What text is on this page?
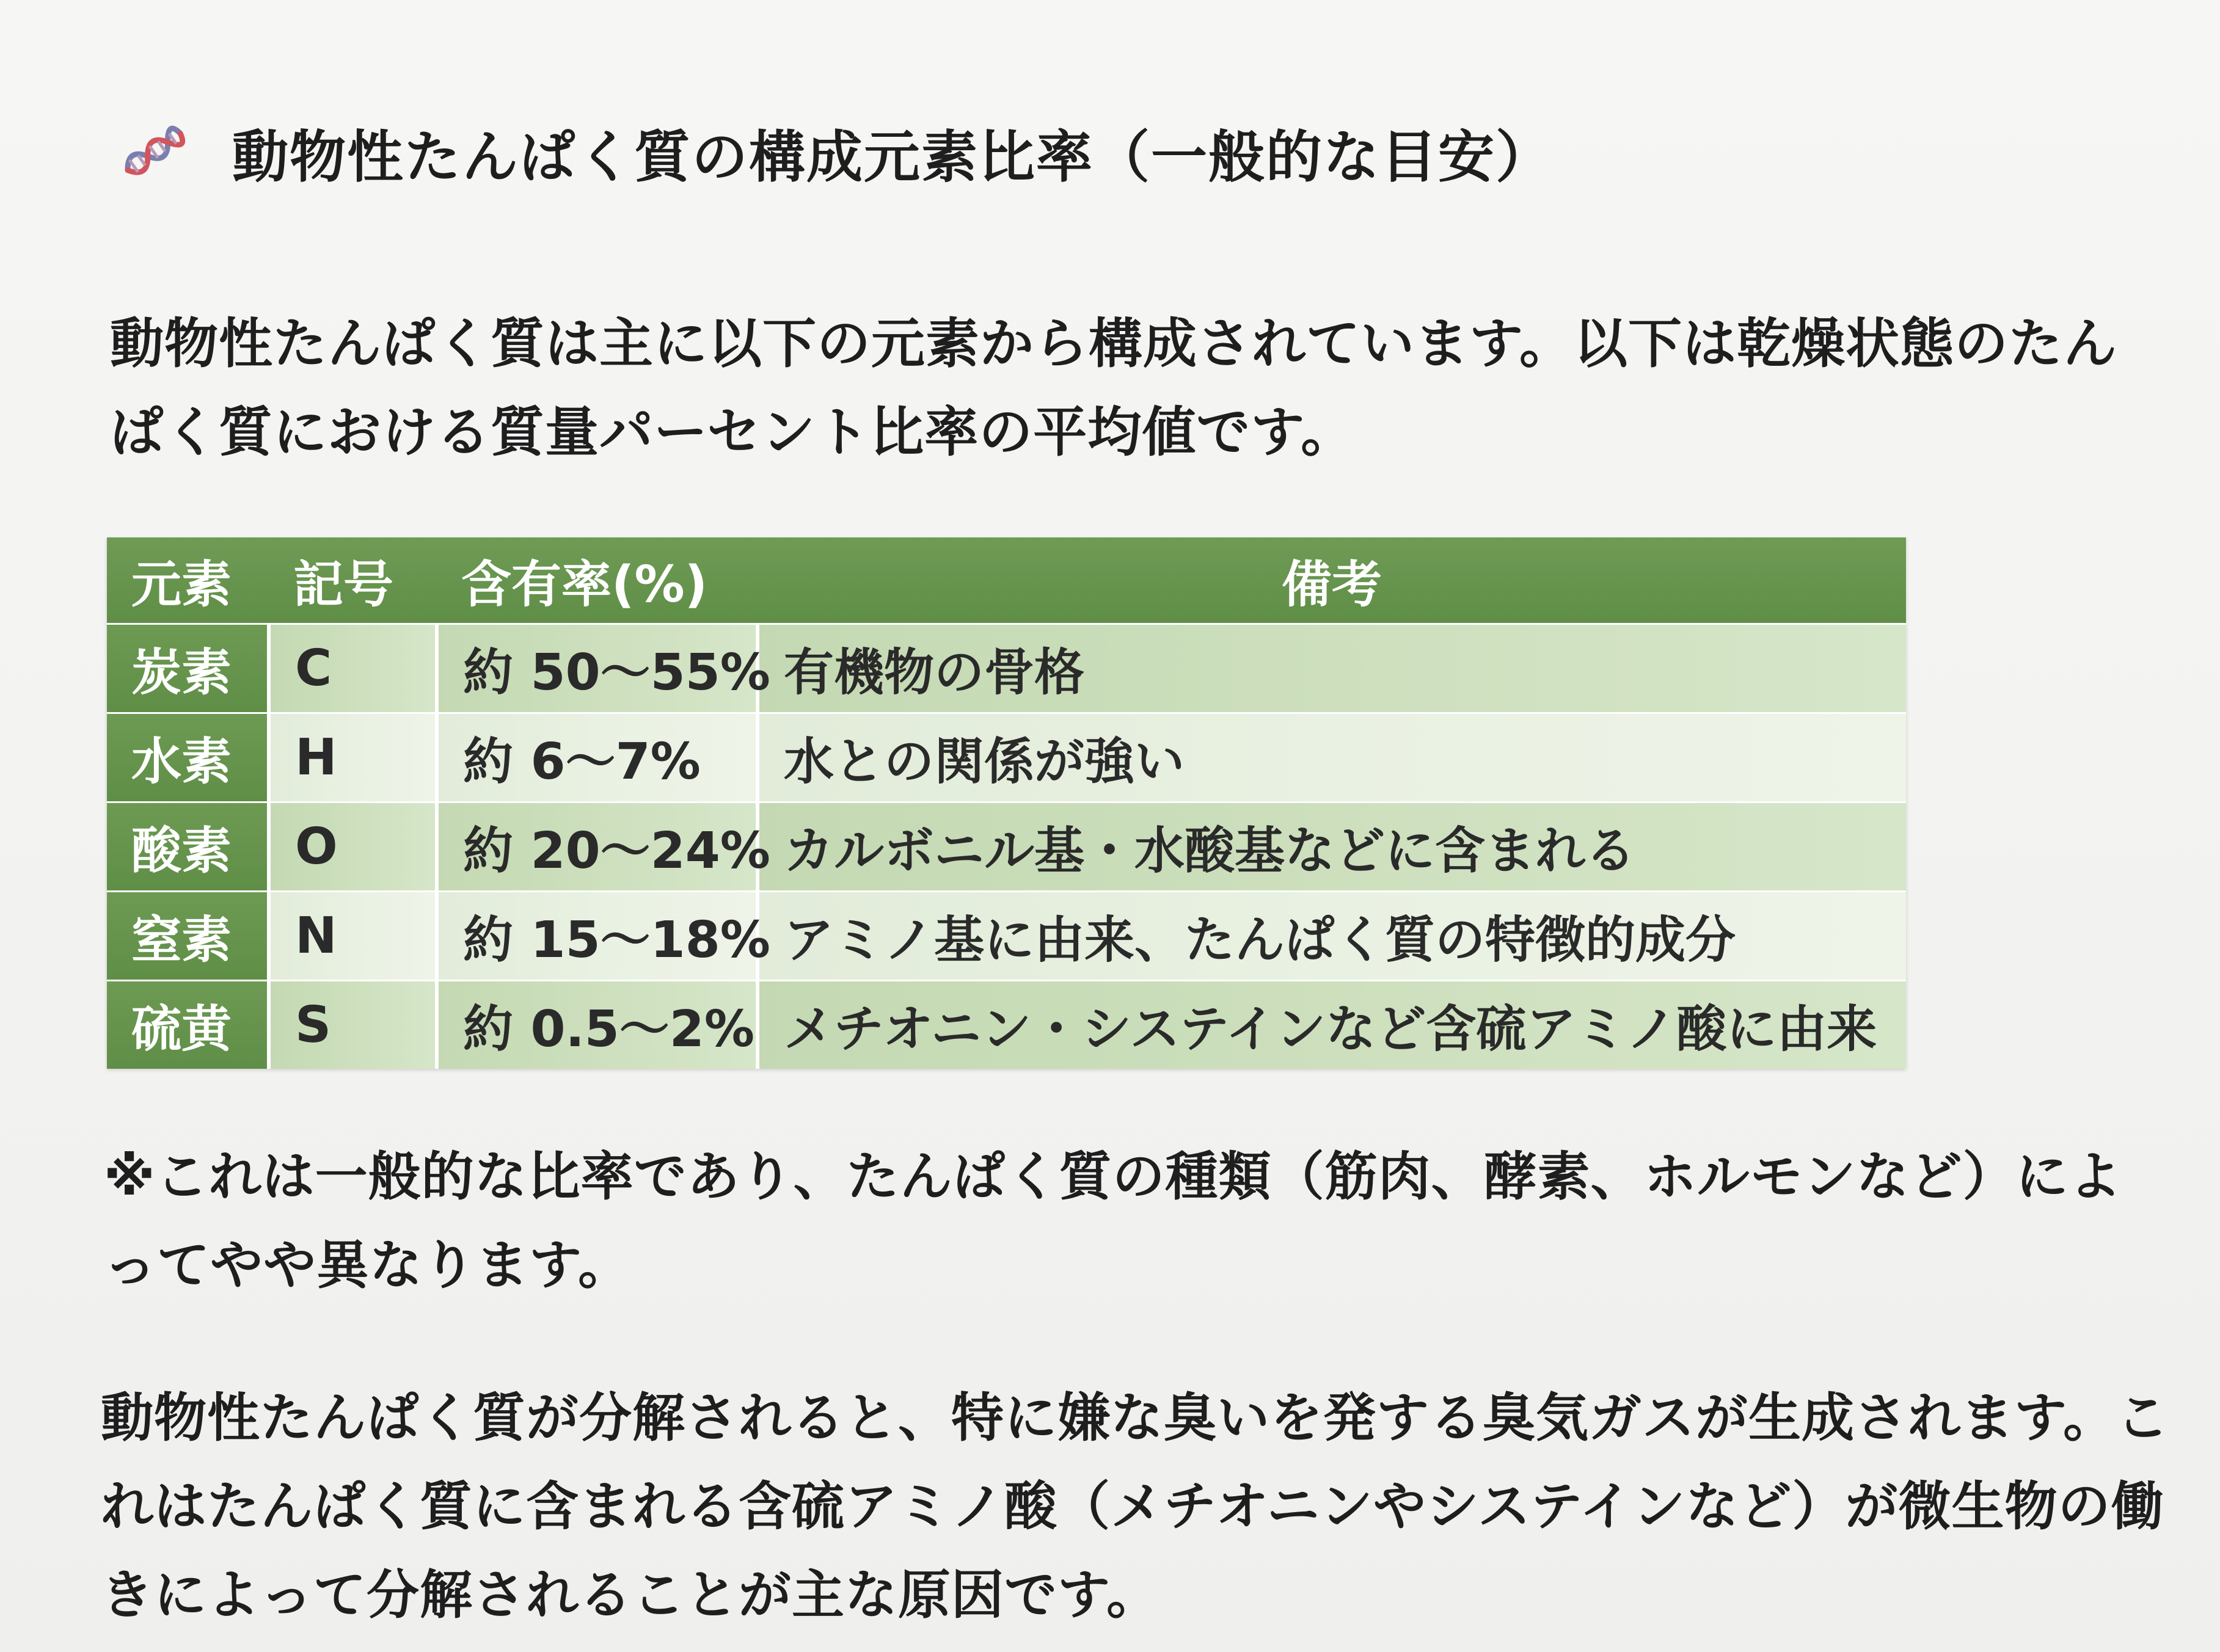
動物性たんぱく質の構成元素比率（一般的な目安）
動物性たんぱく質は主に以下の元素から構成されています。以下は乾燥状態のたんぱく質における質量パーセント比率の平均値です。
元素	記号	含有率(%)	備考
炭素	C	約 50〜55%	有機物の骨格
水素	H	約 6〜7%	水との関係が強い
酸素	O	約 20〜24%	カルボニル基・水酸基などに含まれる
窒素	N	約 15〜18%	アミノ基に由来、たんぱく質の特徴的成分
硫黄	S	約 0.5〜2%	メチオニン・システインなど含硫アミノ酸に由来
※これは一般的な比率であり、たんぱく質の種類（筋肉、酵素、ホルモンなど）によってやや異なります。
動物性たんぱく質が分解されると、特に嫌な臭いを発する臭気ガスが生成されます。これはたんぱく質に含まれる含硫アミノ酸（メチオニンやシステインなど）が微生物の働きによって分解されることが主な原因です。
